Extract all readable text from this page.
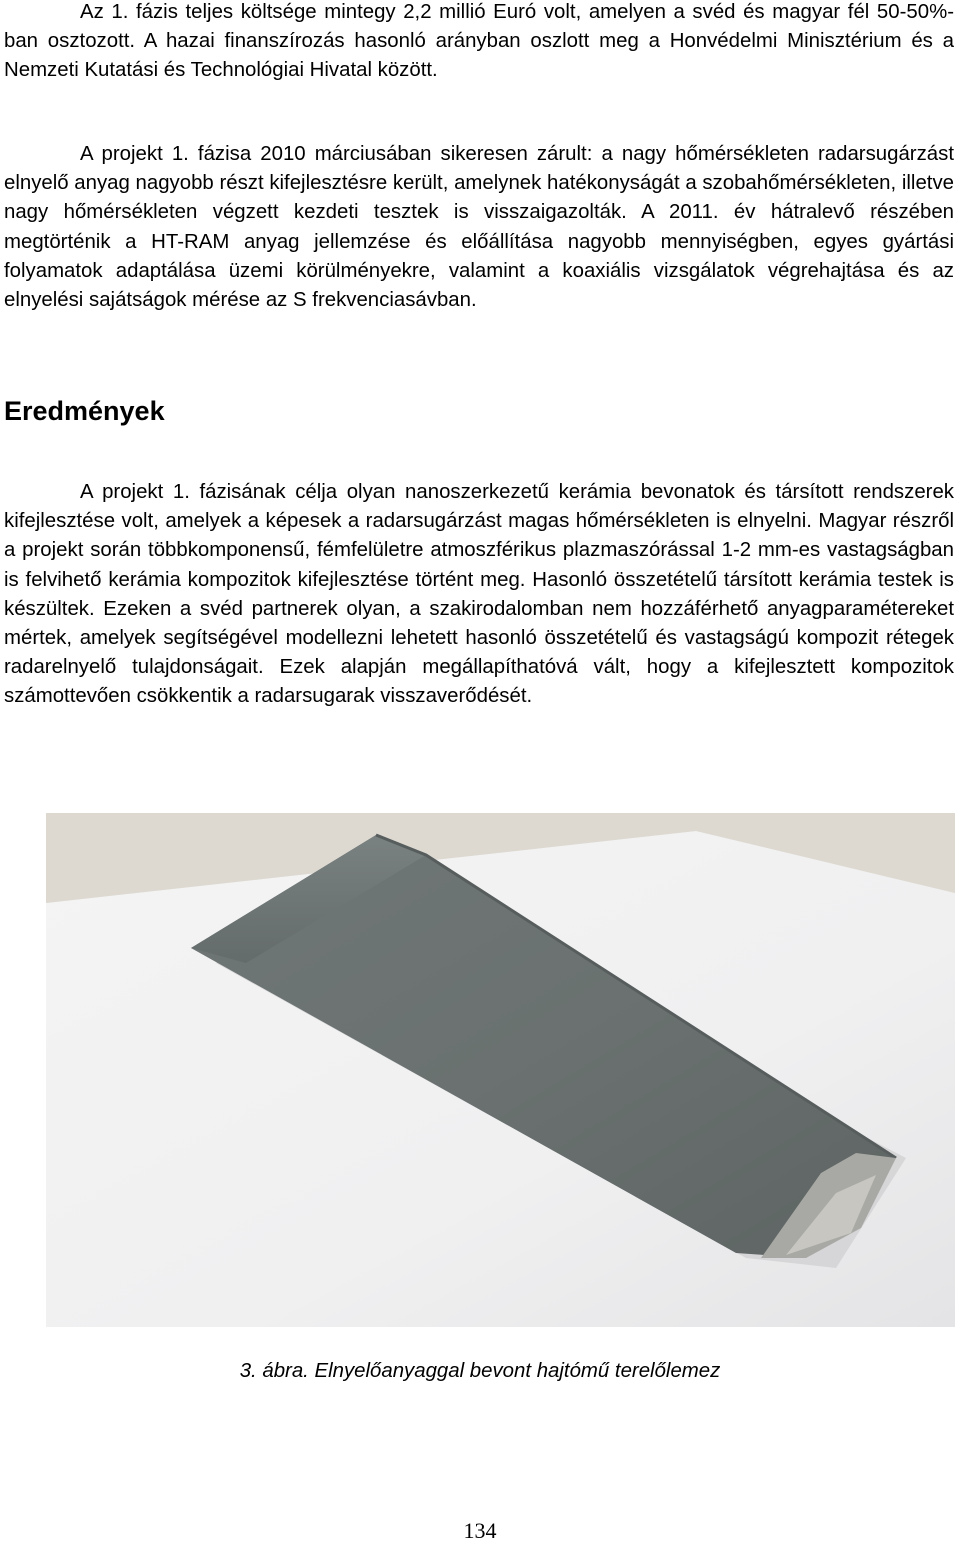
Az 1. fázis teljes költsége mintegy 2,2 millió Euró volt, amelyen a svéd és magyar fél 50-50%-ban osztozott. A hazai finanszírozás hasonló arányban oszlott meg a Honvédelmi Minisztérium és a Nemzeti Kutatási és Technológiai Hivatal között.

A projekt 1. fázisa 2010 márciusában sikeresen zárult: a nagy hőmérsékleten radarsugárzást elnyelő anyag nagyobb részt kifejlesztésre került, amelynek hatékonyságát a szobahőmérsékleten, illetve nagy hőmérsékleten végzett kezdeti tesztek is visszaigazolták. A 2011. év hátralevő részében megtörténik a HT-RAM anyag jellemzése és előállítása nagyobb mennyiségben, egyes gyártási folyamatok adaptálása üzemi körülményekre, valamint a koaxiális vizsgálatok végrehajtása és az elnyelési sajátságok mérése az S frekvenciasávban.

Eredmények

A projekt 1. fázisának célja olyan nanoszerkezetű kerámia bevonatok és társított rendszerek kifejlesztése volt, amelyek a képesek a radarsugárzást magas hőmérsékleten is elnyelni. Magyar részről a projekt során többkomponensű, fémfelületre atmoszférikus plazmaszórással 1-2 mm-es vastagságban is felvihető kerámia kompozitok kifejlesztése történt meg. Hasonló összetételű társított kerámia testek is készültek. Ezeken a svéd partnerek olyan, a szakirodalomban nem hozzáférhető anyagparamétereket mértek, amelyek segítségével modellezni lehetett hasonló összetételű és vastagságú kompozit rétegek radarelnyelő tulajdonságait. Ezek alapján megállapíthatóvá vált, hogy a kifejlesztett kompozitok számottevően csökkentik a radarsugarak visszaverődését.

3. ábra. Elnyelőanyaggal bevont hajtómű terelőlemez

134
